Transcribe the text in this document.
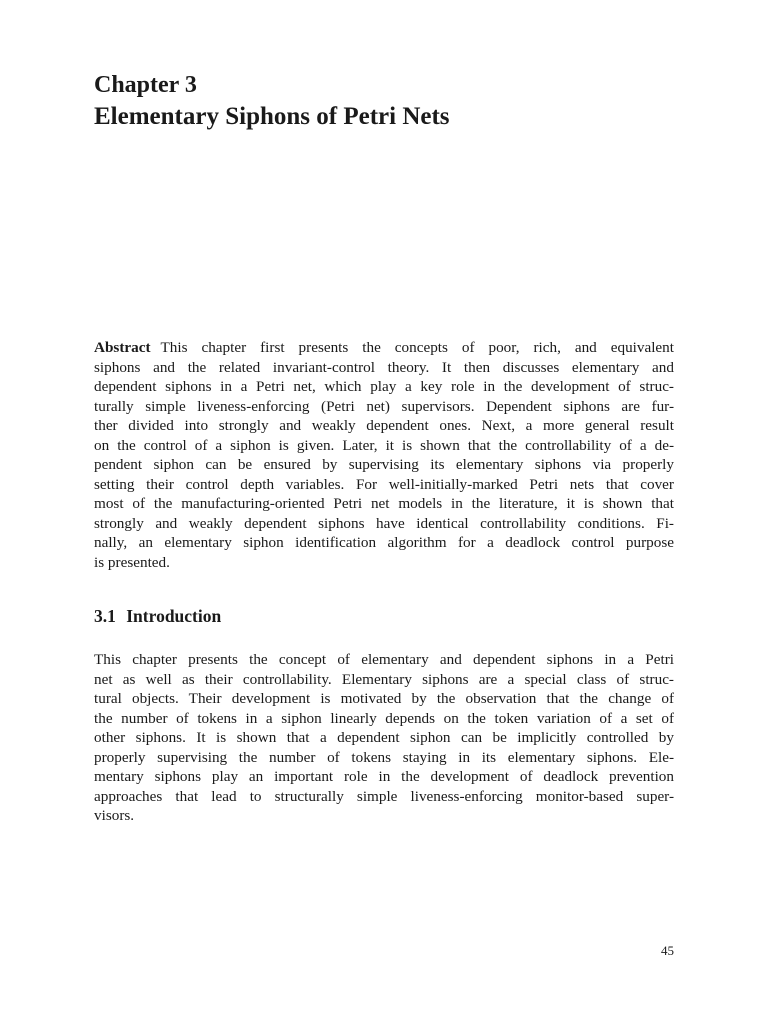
Chapter 3
Elementary Siphons of Petri Nets
Abstract This chapter first presents the concepts of poor, rich, and equivalent
siphons and the related invariant-control theory. It then discusses elementary and
dependent siphons in a Petri net, which play a key role in the development of struc-
turally simple liveness-enforcing (Petri net) supervisors. Dependent siphons are fur-
ther divided into strongly and weakly dependent ones. Next, a more general result
on the control of a siphon is given. Later, it is shown that the controllability of a de-
pendent siphon can be ensured by supervising its elementary siphons via properly
setting their control depth variables. For well-initially-marked Petri nets that cover
most of the manufacturing-oriented Petri net models in the literature, it is shown that
strongly and weakly dependent siphons have identical controllability conditions. Fi-
nally, an elementary siphon identification algorithm for a deadlock control purpose
is presented.
3.1 Introduction
This chapter presents the concept of elementary and dependent siphons in a Petri
net as well as their controllability. Elementary siphons are a special class of struc-
tural objects. Their development is motivated by the observation that the change of
the number of tokens in a siphon linearly depends on the token variation of a set of
other siphons. It is shown that a dependent siphon can be implicitly controlled by
properly supervising the number of tokens staying in its elementary siphons. Ele-
mentary siphons play an important role in the development of deadlock prevention
approaches that lead to structurally simple liveness-enforcing monitor-based super-
visors.
45
